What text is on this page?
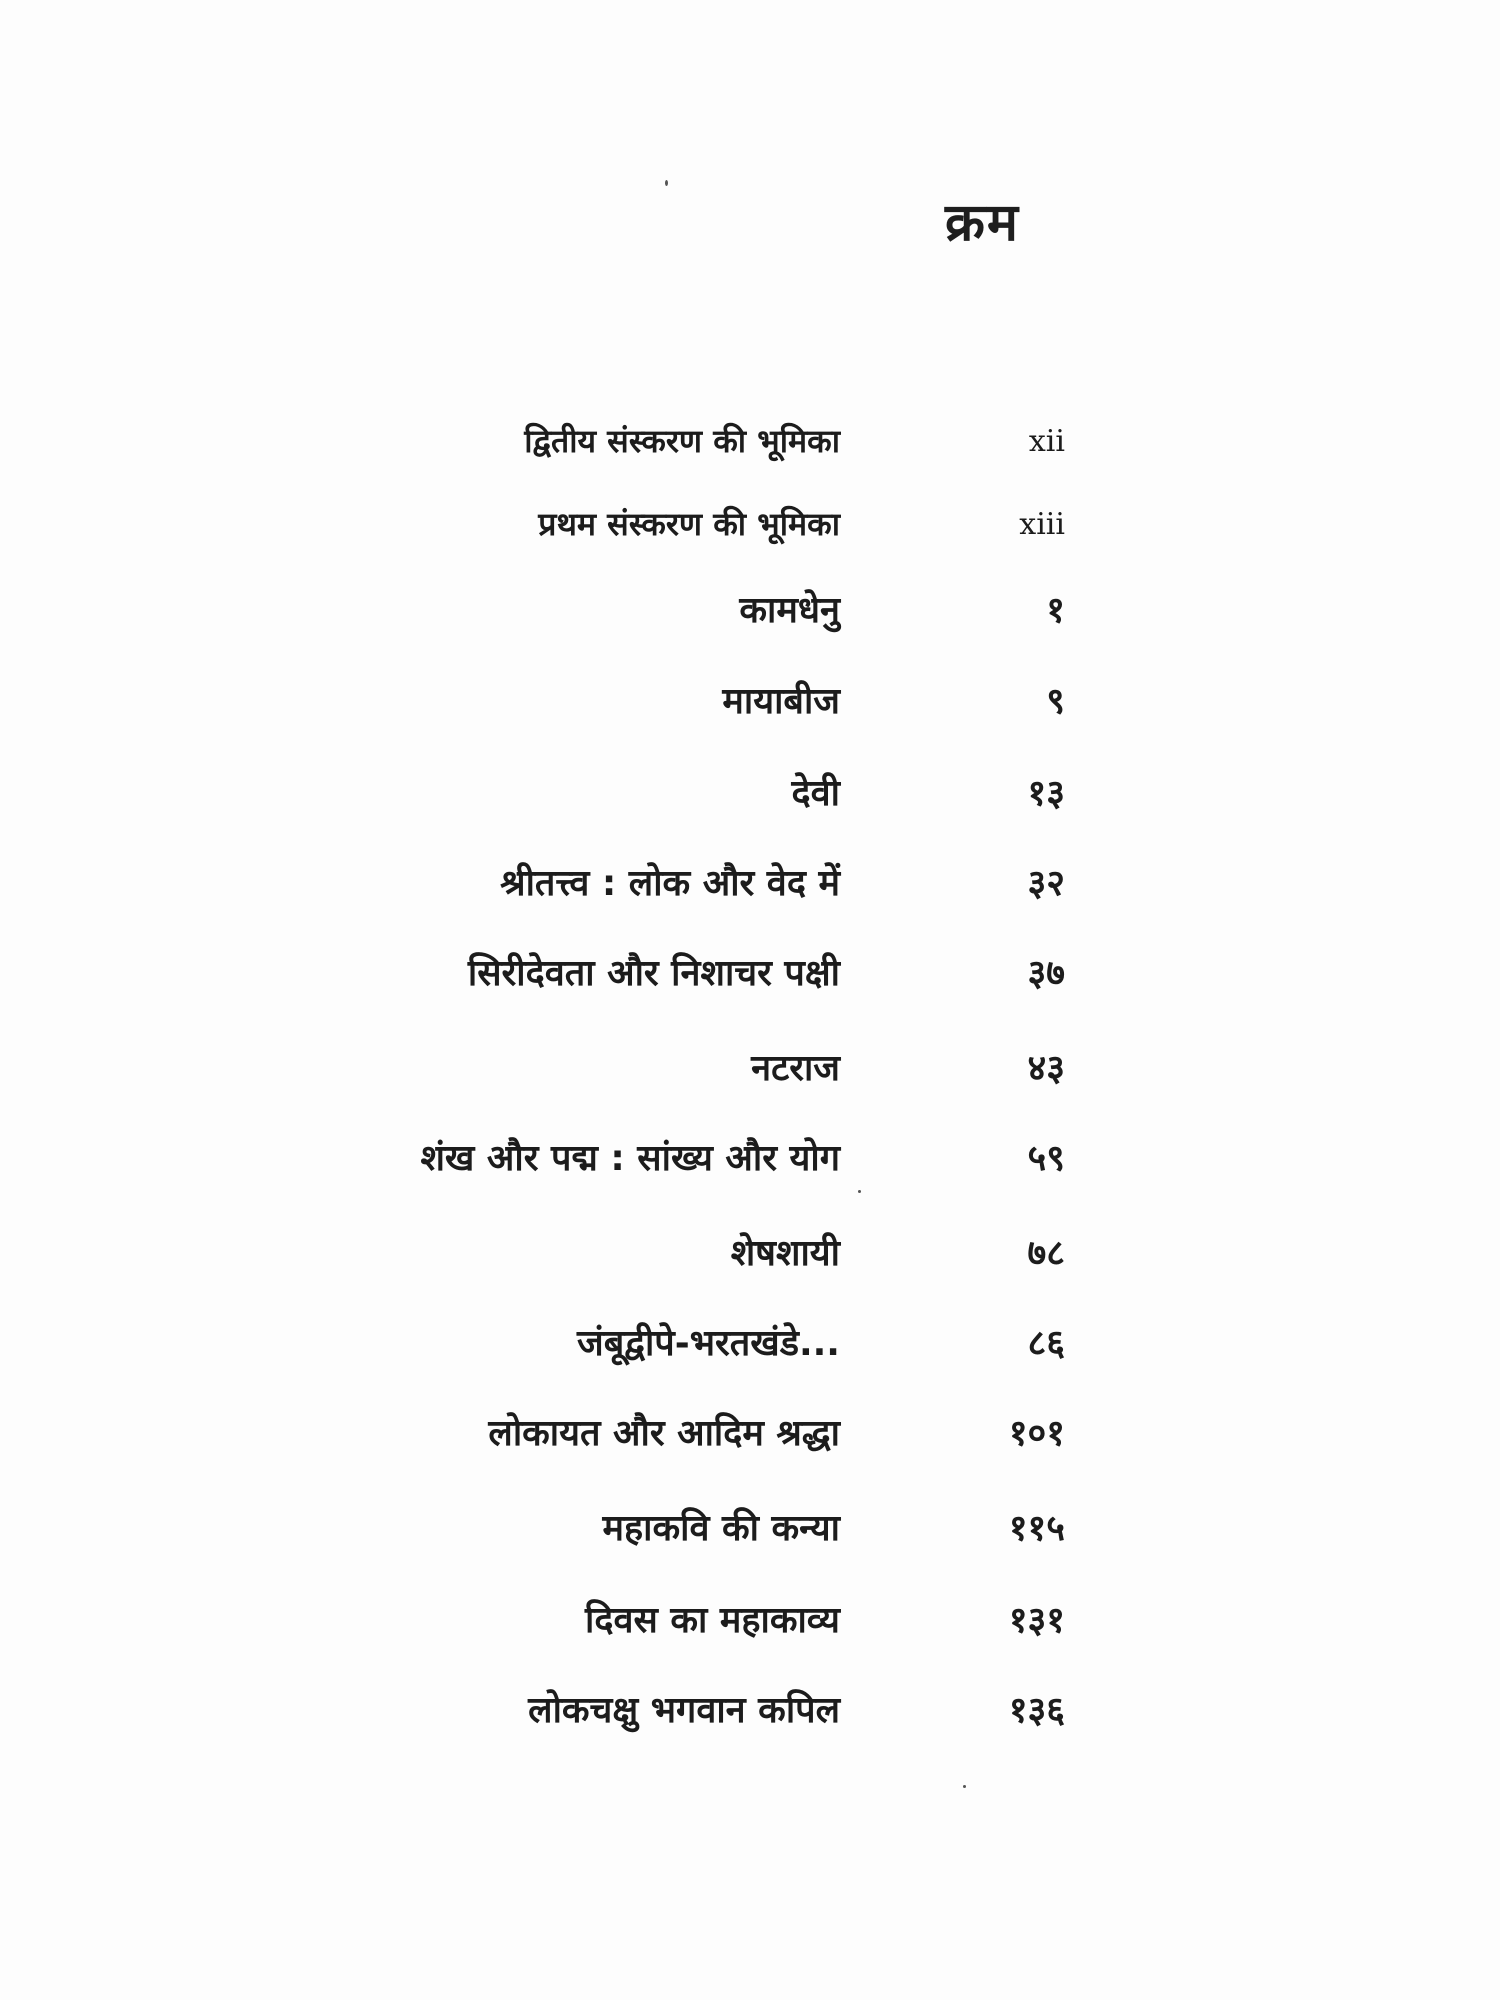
क्रम
द्वितीय संस्करण की भूमिका	xii
प्रथम संस्करण की भूमिका	xiii
कामधेनु	१
मायाबीज	९
देवी	१३
श्रीतत्त्व : लोक और वेद में	३२
सिरीदेवता और निशाचर पक्षी	३७
नटराज	४३
शंख और पद्म : सांख्य और योग	५९
शेषशायी	७८
जंबूद्वीपे-भरतखंडे...	८६
लोकायत और आदिम श्रद्धा	१०१
महाकवि की कन्या	११५
दिवस का महाकाव्य	१३१
लोकचक्षु भगवान कपिल	१३६
